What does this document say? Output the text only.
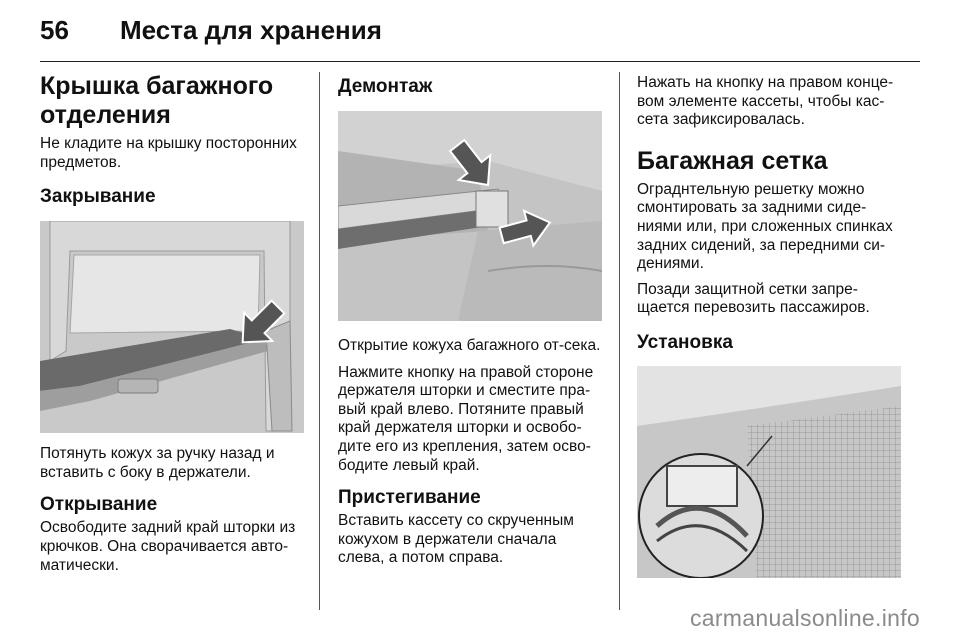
56	Места для хранения
Крышка багажного отделения

Не кладите на крышку посторонних предметов.

Закрывание

Потянуть кожух за ручку назад и вставить с боку в держатели.

Открывание

Освободите задний край шторки из крючков. Она сворачивается авто-матически.

Демонтаж

Открытие кожуха багажного от-сека.

Нажмите кнопку на правой стороне держателя шторки и сместите пра-вый край влево. Потяните правый край держателя шторки и освобо-дите его из крепления, затем осво-бодите левый край.

Пристегивание

Вставить кассету со скрученным кожухом в держатели сначала слева, а потом справа.

Нажать на кнопку на правом конце-вом элементе кассеты, чтобы кас-сета зафиксировалась.

Багажная сетка

Ограднтельную решетку можно смонтировать за задними сиде-ниями или, при сложенных спинках задних сидений, за передними си-дениями.

Позади защитной сетки запре-щается перевозить пассажиров.

Установка
carmanualsonline.info
